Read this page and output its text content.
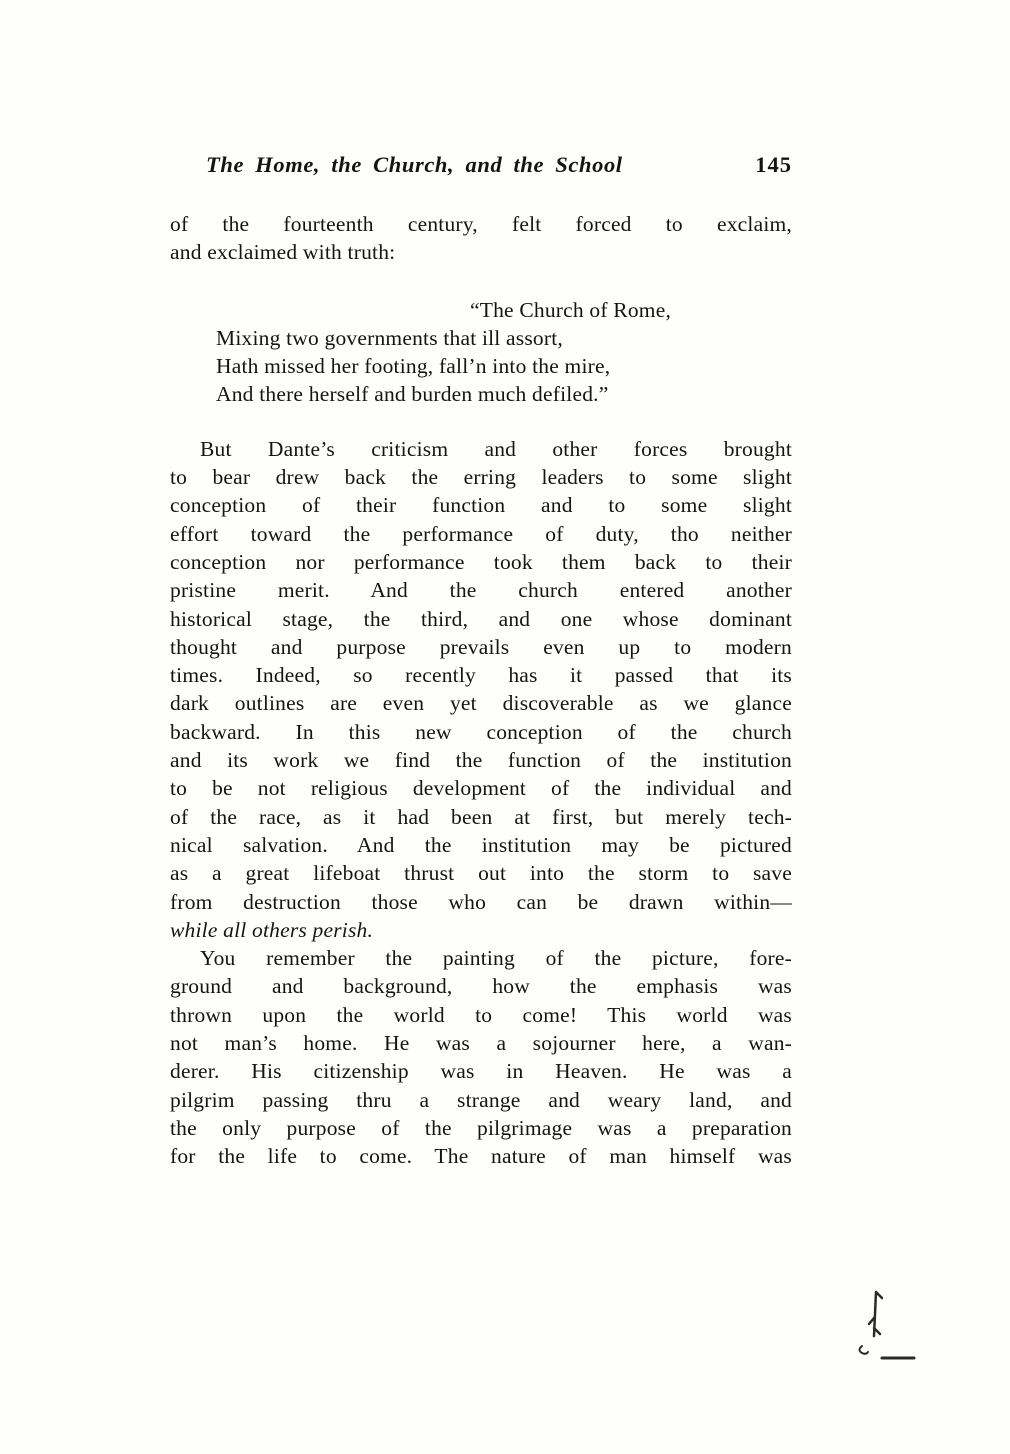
The Home, the Church, and the School	145
of the fourteenth century, felt forced to exclaim,
and exclaimed with truth:
“The Church of Rome,
Mixing two governments that ill assort,
Hath missed her footing, fall’n into the mire,
And there herself and burden much defiled.”
But Dante’s criticism and other forces brought
to bear drew back the erring leaders to some slight
conception of their function and to some slight
effort toward the performance of duty, tho neither
conception nor performance took them back to their
pristine merit. And the church entered another
historical stage, the third, and one whose dominant
thought and purpose prevails even up to modern
times. Indeed, so recently has it passed that its
dark outlines are even yet discoverable as we glance
backward. In this new conception of the church
and its work we find the function of the institution
to be not religious development of the individual and
of the race, as it had been at first, but merely tech-
nical salvation. And the institution may be pictured
as a great lifeboat thrust out into the storm to save
from destruction those who can be drawn within—
while all others perish.
You remember the painting of the picture, fore-
ground and background, how the emphasis was
thrown upon the world to come! This world was
not man’s home. He was a sojourner here, a wan-
derer. His citizenship was in Heaven. He was a
pilgrim passing thru a strange and weary land, and
the only purpose of the pilgrimage was a preparation
for the life to come. The nature of man himself was
